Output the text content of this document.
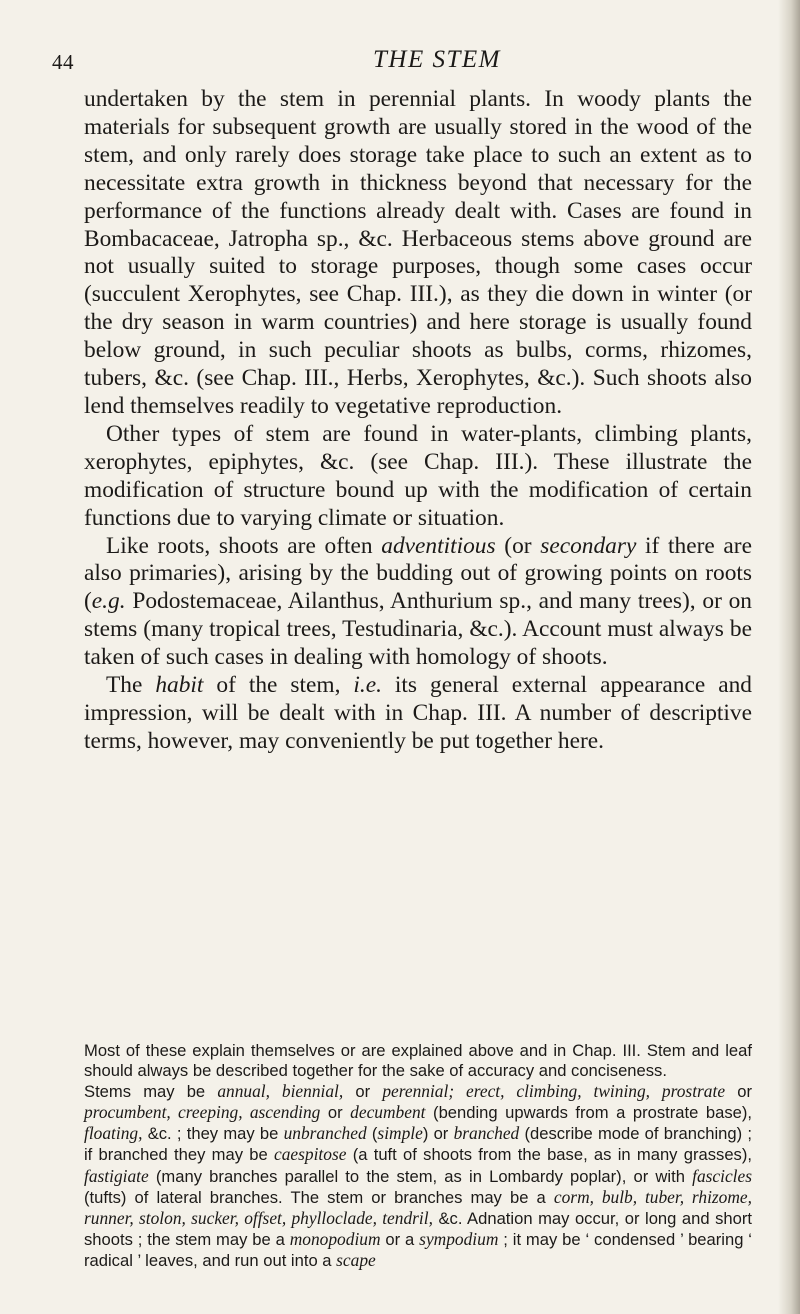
44	THE STEM

undertaken by the stem in perennial plants. In woody plants the materials for subsequent growth are usually stored in the wood of the stem, and only rarely does storage take place to such an extent as to necessitate extra growth in thickness beyond that necessary for the performance of the functions already dealt with. Cases are found in Bombacaceae, Jatropha sp., &c. Herbaceous stems above ground are not usually suited to storage purposes, though some cases occur (succulent Xerophytes, see Chap. III.), as they die down in winter (or the dry season in warm countries) and here storage is usually found below ground, in such peculiar shoots as bulbs, corms, rhizomes, tubers, &c. (see Chap. III., Herbs, Xerophytes, &c.). Such shoots also lend themselves readily to vegetative reproduction.

Other types of stem are found in water-plants, climbing plants, xerophytes, epiphytes, &c. (see Chap. III.). These illustrate the modification of structure bound up with the modification of certain functions due to varying climate or situation.

Like roots, shoots are often adventitious (or secondary if there are also primaries), arising by the budding out of growing points on roots (e.g. Podostemaceae, Ailanthus, Anthurium sp., and many trees), or on stems (many tropical trees, Testudinaria, &c.). Account must always be taken of such cases in dealing with homology of shoots.

The habit of the stem, i.e. its general external appearance and impression, will be dealt with in Chap. III. A number of descriptive terms, however, may conveniently be put together here.

Most of these explain themselves or are explained above and in Chap. III. Stem and leaf should always be described together for the sake of accuracy and conciseness.

Stems may be annual, biennial, or perennial; erect, climbing, twining, prostrate or procumbent, creeping, ascending or decumbent (bending upwards from a prostrate base), floating, &c. ; they may be unbranched (simple) or branched (describe mode of branching) ; if branched they may be caespitose (a tuft of shoots from the base, as in many grasses), fastigiate (many branches parallel to the stem, as in Lombardy poplar), or with fascicles (tufts) of lateral branches. The stem or branches may be a corm, bulb, tuber, rhizome, runner, stolon, sucker, offset, phylloclade, tendril, &c. Adnation may occur, or long and short shoots ; the stem may be a monopodium or a sympodium ; it may be ‘ condensed ’ bearing ‘ radical ’ leaves, and run out into a scape
